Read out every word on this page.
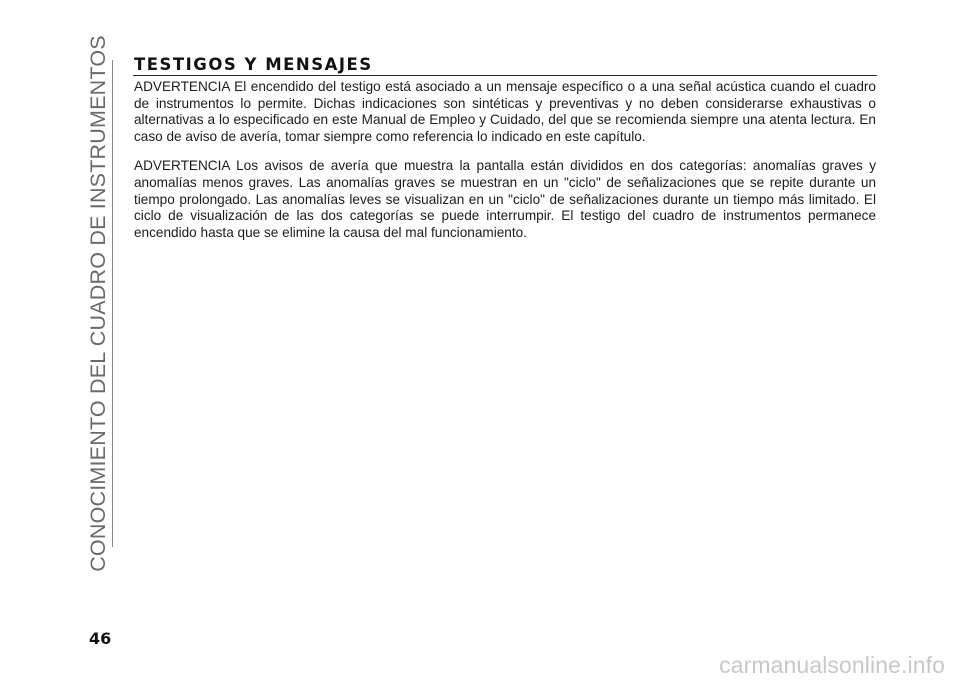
CONOCIMIENTO DEL CUADRO DE INSTRUMENTOS TESTIGOS Y MENSAJES

ADVERTENCIA El encendido del testigo está asociado a un mensaje específico o a una señal acústica cuando el cuadro de instrumentos lo permite. Dichas indicaciones son sintéticas y preventivas y no deben considerarse exhaustivas o alternativas a lo especificado en este Manual de Empleo y Cuidado, del que se recomienda siempre una atenta lectura. En caso de aviso de avería, tomar siempre como referencia lo indicado en este capítulo.

ADVERTENCIA Los avisos de avería que muestra la pantalla están divididos en dos categorías: anomalías graves y anomalías menos graves. Las anomalías graves se muestran en un "ciclo" de señalizaciones que se repite durante un tiempo prolongado. Las anomalías leves se visualizan en un "ciclo" de señalizaciones durante un tiempo más limitado. El ciclo de visualización de las dos categorías se puede interrumpir. El testigo del cuadro de instrumentos permanece encendido hasta que se elimine la causa del mal funcionamiento.

46
carmanualsonline.info
